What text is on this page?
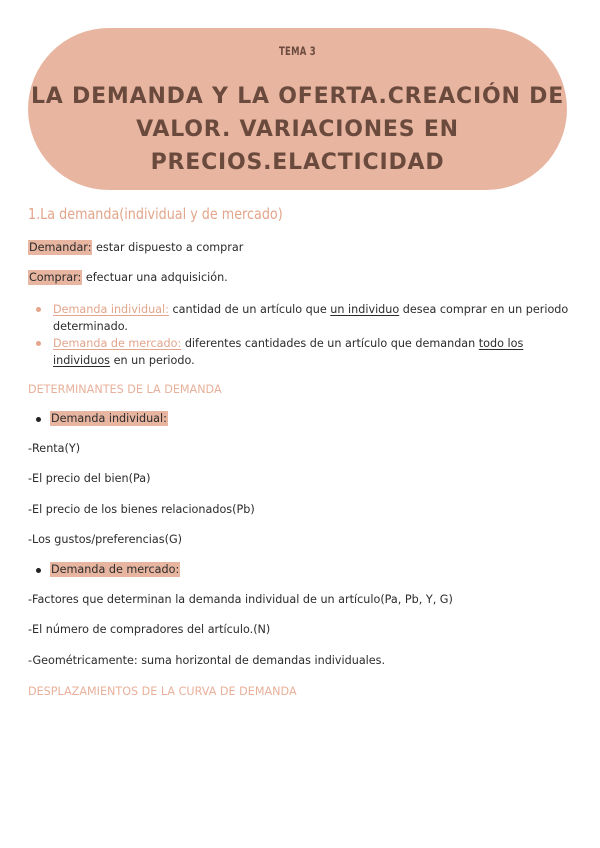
TEMA 3
LA DEMANDA Y LA OFERTA.CREACIÓN DE
VALOR. VARIACIONES EN
PRECIOS.ELACTICIDAD
1.La demanda(individual y de mercado)
Demandar: estar dispuesto a comprar
Comprar: efectuar una adquisición.
Demanda individual: cantidad de un artículo que un individuo desea comprar en un periodo
determinado.
Demanda de mercado: diferentes cantidades de un artículo que demandan todo los
individuos en un periodo.
DETERMINANTES DE LA DEMANDA
Demanda individual:
-Renta(Y)
-El precio del bien(Pa)
-El precio de los bienes relacionados(Pb)
-Los gustos/preferencias(G)
Demanda de mercado:
-Factores que determinan la demanda individual de un artículo(Pa, Pb, Y, G)
-El número de compradores del artículo.(N)
-Geométricamente: suma horizontal de demandas individuales.
DESPLAZAMIENTOS DE LA CURVA DE DEMANDA
